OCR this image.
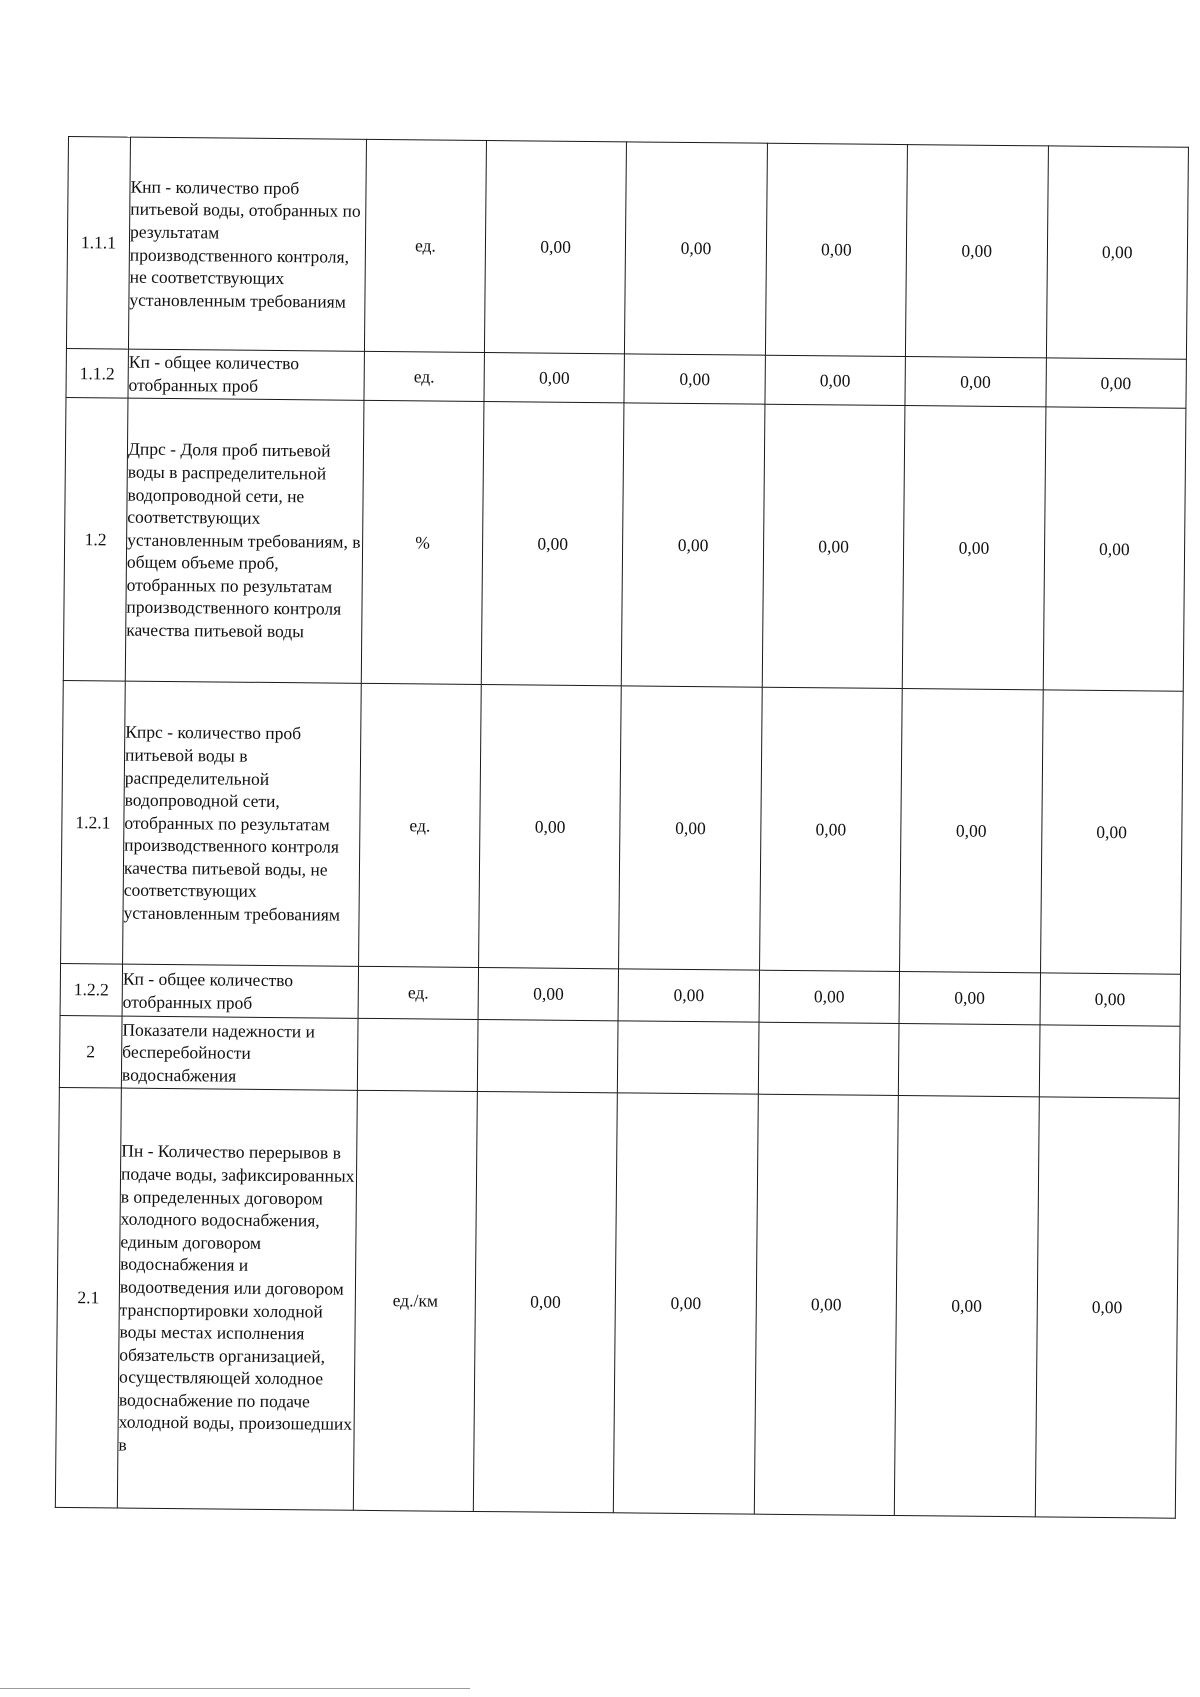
1.1.1	Кнп - количество проб питьевой воды, отобранных по результатам производственного контроля, не соответствующих установленным требованиям	ед.	0,00	0,00	0,00	0,00	0,00
1.1.2	Кп - общее количество отобранных проб	ед.	0,00	0,00	0,00	0,00	0,00
1.2	Дпрс - Доля проб питьевой воды в распределительной водопроводной сети, не соответствующих установленным требованиям, в общем объеме проб, отобранных по результатам производственного контроля качества питьевой воды	%	0,00	0,00	0,00	0,00	0,00
1.2.1	Кпрс - количество проб питьевой воды в распределительной водопроводной сети, отобранных по результатам производственного контроля качества питьевой воды, не соответствующих установленным требованиям	ед.	0,00	0,00	0,00	0,00	0,00
1.2.2	Кп - общее количество отобранных проб	ед.	0,00	0,00	0,00	0,00	0,00
2	Показатели надежности и бесперебойности водоснабжения						
2.1	Пн - Количество перерывов в подаче воды, зафиксированных в определенных договором холодного водоснабжения, единым договором водоснабжения и водоотведения или договором транспортировки холодной воды местах исполнения обязательств организацией, осуществляющей холодное водоснабжение по подаче холодной воды, произошедших в	ед./км	0,00	0,00	0,00	0,00	0,00
